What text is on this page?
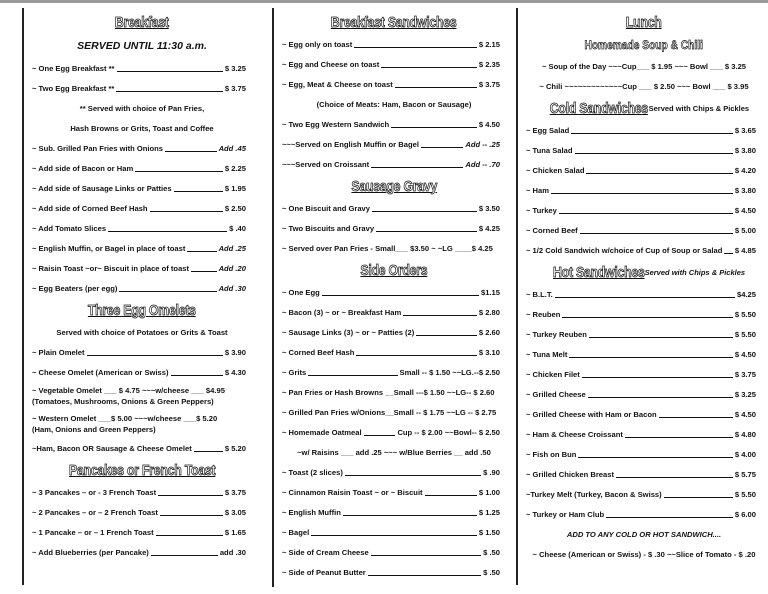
Breakfast
SERVED UNTIL 11:30 a.m.
~ One Egg Breakfast **	$ 3.25
~ Two Egg Breakfast **	$ 3.75
** Served with choice of Pan Fries,
Hash Browns or Grits, Toast and Coffee
~ Sub. Grilled Pan Fries with Onions	Add .45
~ Add side of Bacon or Ham	$ 2.25
~ Add side of Sausage Links or Patties	$ 1.95
~ Add side of Corned Beef Hash	$ 2.50
~ Add Tomato Slices	$ .40
~ English Muffin, or Bagel in place of toast	Add .25
~ Raisin Toast ~or~ Biscuit in place of toast	Add .20
~ Egg Beaters (per egg)	Add .30
Three Egg Omelets
Served with choice of Potatoes or Grits & Toast
~ Plain Omelet	$ 3.90
~ Cheese Omelet (American or Swiss)	$ 4.30
~ Vegetable Omelet ___ $ 4.75 ~~~w/cheese ___ $4.95
(Tomatoes, Mushrooms, Onions & Green Peppers)
~ Western Omelet ___$ 5.00 ~~~w/cheese ___$ 5.20
(Ham, Onions and Green Peppers)
~Ham, Bacon OR Sausage & Cheese Omelet	$ 5.20
Pancakes or French Toast
~ 3 Pancakes – or - 3 French Toast	$ 3.75
~ 2 Pancakes – or – 2 French Toast	$ 3.05
~ 1 Pancake – or – 1 French Toast	$ 1.65
~ Add Blueberries (per Pancake)	add .30
Breakfast Sandwiches
~ Egg only on toast	$ 2.15
~ Egg and Cheese on toast	$ 2.35
~ Egg, Meat & Cheese on toast	$ 3.75
(Choice of Meats: Ham, Bacon or Sausage)
~ Two Egg Western Sandwich	$ 4.50
~~~Served on English Muffin or Bagel	Add -- .25
~~~Served on Croissant	Add -- .70
Sausage Gravy
~ One Biscuit and Gravy	$ 3.50
~ Two Biscuits and Gravy	$ 4.25
~ Served over Pan Fries - Small___ $3.50 ~ ~LG ____$ 4.25
Side Orders
~ One Egg	$1.15
~ Bacon (3) ~ or ~ Breakfast Ham	$ 2.80
~ Sausage Links (3) ~ or ~ Patties (2)	$ 2.60
~ Corned Beef Hash	$ 3.10
~ Grits	Small -- $ 1.50 ~~LG.--$ 2.50
~ Pan Fries or Hash Browns __Small ---$ 1.50 ~~LG-- $ 2.60
~ Grilled Pan Fries w/Onions__Small -- $ 1.75 ~~LG -- $ 2.75
~ Homemade Oatmeal	Cup -- $ 2.00 ~~Bowl-- $ 2.50
~w/ Raisins ___ add .25 ~~~ w/Blue Berries __ add .50
~ Toast (2 slices)	$ .90
~ Cinnamon Raisin Toast ~ or ~ Biscuit	$ 1.00
~ English Muffin	$ 1.25
~ Bagel	$ 1.50
~ Side of Cream Cheese	$ .50
~ Side of Peanut Butter	$ .50
Lunch
Homemade Soup & Chili
~ Soup of the Day ~~~Cup___ $ 1.95 ~~~ Bowl ___ $ 3.25
~ Chili ~~~~~~~~~~~~~Cup ___ $ 2.50 ~~~ Bowl ___ $ 3.95
Cold Sandwiches Served with Chips & Pickles
~ Egg Salad	$ 3.65
~ Tuna Salad	$ 3.80
~ Chicken Salad	$ 4.20
~ Ham	$ 3.80
~ Turkey	$ 4.50
~ Corned Beef	$ 5.00
~ 1/2 Cold Sandwich w/choice of Cup of Soup or Salad $ 4.85
Hot Sandwiches Served with Chips & Pickles
~ B.L.T.	$4.25
~ Reuben	$ 5.50
~ Turkey Reuben	$ 5.50
~ Tuna Melt	$ 4.50
~ Chicken Filet	$ 3.75
~ Grilled Cheese	$ 3.25
~ Grilled Cheese with Ham or Bacon	$ 4.50
~ Ham & Cheese Croissant	$ 4.80
~ Fish on Bun	$ 4.00
~ Grilled Chicken Breast	$ 5.75
~Turkey Melt (Turkey, Bacon & Swiss)	$ 5.50
~ Turkey or Ham Club	$ 6.00
ADD TO ANY COLD OR HOT SANDWICH....
~ Cheese (American or Swiss) - $ .30 ~~Slice of Tomato - $ .20
